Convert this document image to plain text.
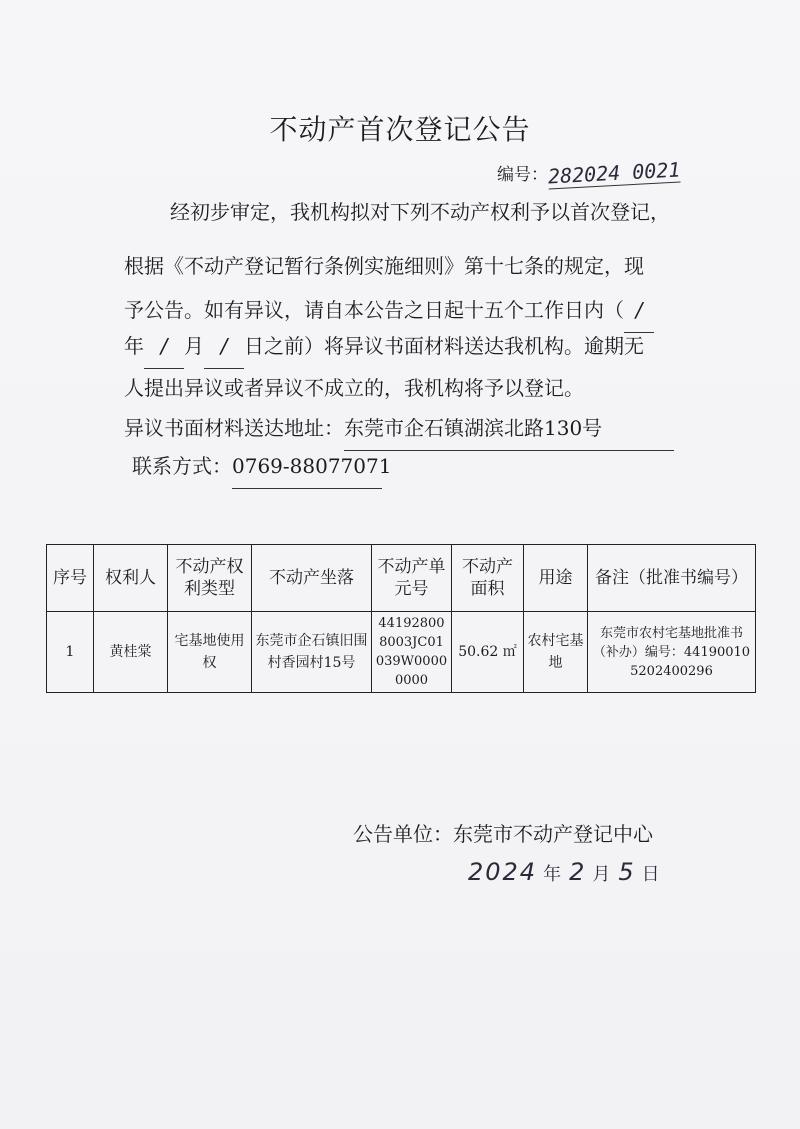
不动产首次登记公告
编号：282024 0021
经初步审定，我机构拟对下列不动产权利予以首次登记，
根据《不动产登记暂行条例实施细则》第十七条的规定，现
予公告。如有异议，请自本公告之日起十五个工作日内（ /
年 / 月 / 日之前）将异议书面材料送达我机构。逾期无
人提出异议或者异议不成立的，我机构将予以登记。
异议书面材料送达地址：东莞市企石镇湖滨北路130号
联系方式：0769-88077071
序号	权利人	不动产权利类型	不动产坐落	不动产单元号	不动产面积	用途	备注（批准书编号）
1	黄桂棠	宅基地使用权	东莞市企石镇旧围村香园村15号	441928008003JC01039W00000000	50.62 ㎡	农村宅基地	东莞市农村宅基地批准书（补办）编号：441900105202400296
公告单位：东莞市不动产登记中心
2024 年 2 月 5 日
